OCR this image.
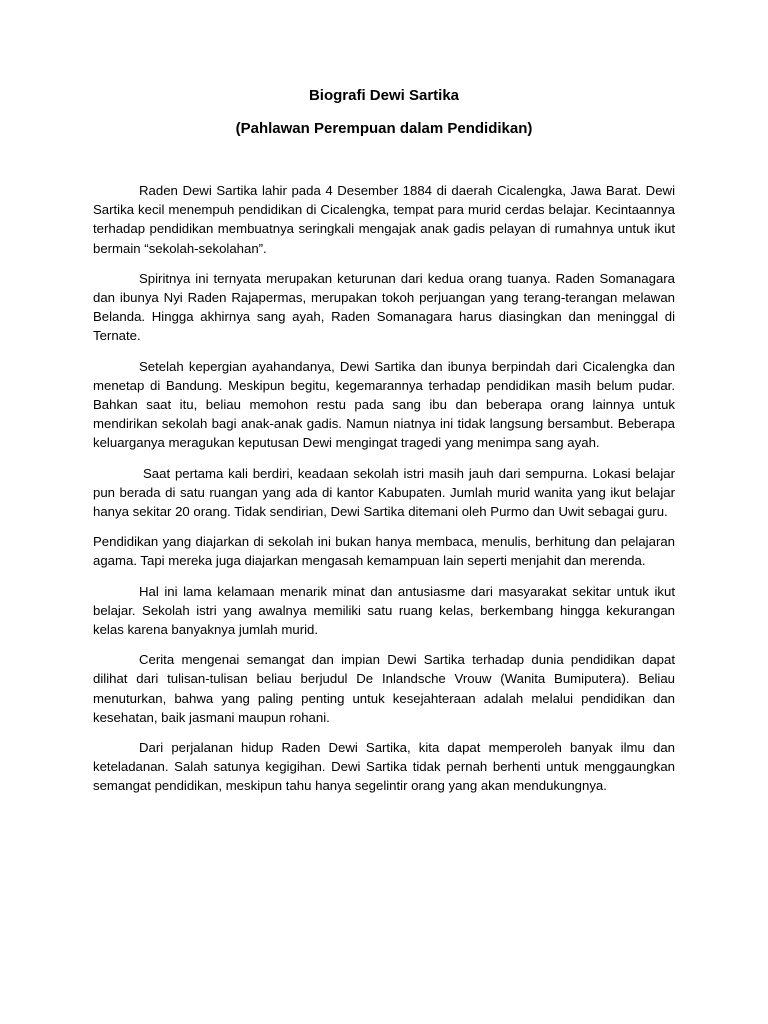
Biografi Dewi Sartika

(Pahlawan Perempuan dalam Pendidikan)

Raden Dewi Sartika lahir pada 4 Desember 1884 di daerah Cicalengka, Jawa Barat. Dewi Sartika kecil menempuh pendidikan di Cicalengka, tempat para murid cerdas belajar. Kecintaannya terhadap pendidikan membuatnya seringkali mengajak anak gadis pelayan di rumahnya untuk ikut bermain “sekolah-sekolahan”.

Spiritnya ini ternyata merupakan keturunan dari kedua orang tuanya. Raden Somanagara dan ibunya Nyi Raden Rajapermas, merupakan tokoh perjuangan yang terang-terangan melawan Belanda. Hingga akhirnya sang ayah, Raden Somanagara harus diasingkan dan meninggal di Ternate.

Setelah kepergian ayahandanya, Dewi Sartika dan ibunya berpindah dari Cicalengka dan menetap di Bandung. Meskipun begitu, kegemarannya terhadap pendidikan masih belum pudar. Bahkan saat itu, beliau memohon restu pada sang ibu dan beberapa orang lainnya untuk mendirikan sekolah bagi anak-anak gadis. Namun niatnya ini tidak langsung bersambut. Beberapa keluarganya meragukan keputusan Dewi mengingat tragedi yang menimpa sang ayah.

Saat pertama kali berdiri, keadaan sekolah istri masih jauh dari sempurna. Lokasi belajar pun berada di satu ruangan yang ada di kantor Kabupaten. Jumlah murid wanita yang ikut belajar hanya sekitar 20 orang. Tidak sendirian, Dewi Sartika ditemani oleh Purmo dan Uwit sebagai guru.

Pendidikan yang diajarkan di sekolah ini bukan hanya membaca, menulis, berhitung dan pelajaran agama. Tapi mereka juga diajarkan mengasah kemampuan lain seperti menjahit dan merenda.

Hal ini lama kelamaan menarik minat dan antusiasme dari masyarakat sekitar untuk ikut belajar. Sekolah istri yang awalnya memiliki satu ruang kelas, berkembang hingga kekurangan kelas karena banyaknya jumlah murid.

Cerita mengenai semangat dan impian Dewi Sartika terhadap dunia pendidikan dapat dilihat dari tulisan-tulisan beliau berjudul De Inlandsche Vrouw (Wanita Bumiputera). Beliau menuturkan, bahwa yang paling penting untuk kesejahteraan adalah melalui pendidikan dan kesehatan, baik jasmani maupun rohani.

Dari perjalanan hidup Raden Dewi Sartika, kita dapat memperoleh banyak ilmu dan keteladanan. Salah satunya kegigihan. Dewi Sartika tidak pernah berhenti untuk menggaungkan semangat pendidikan, meskipun tahu hanya segelintir orang yang akan mendukungnya.
